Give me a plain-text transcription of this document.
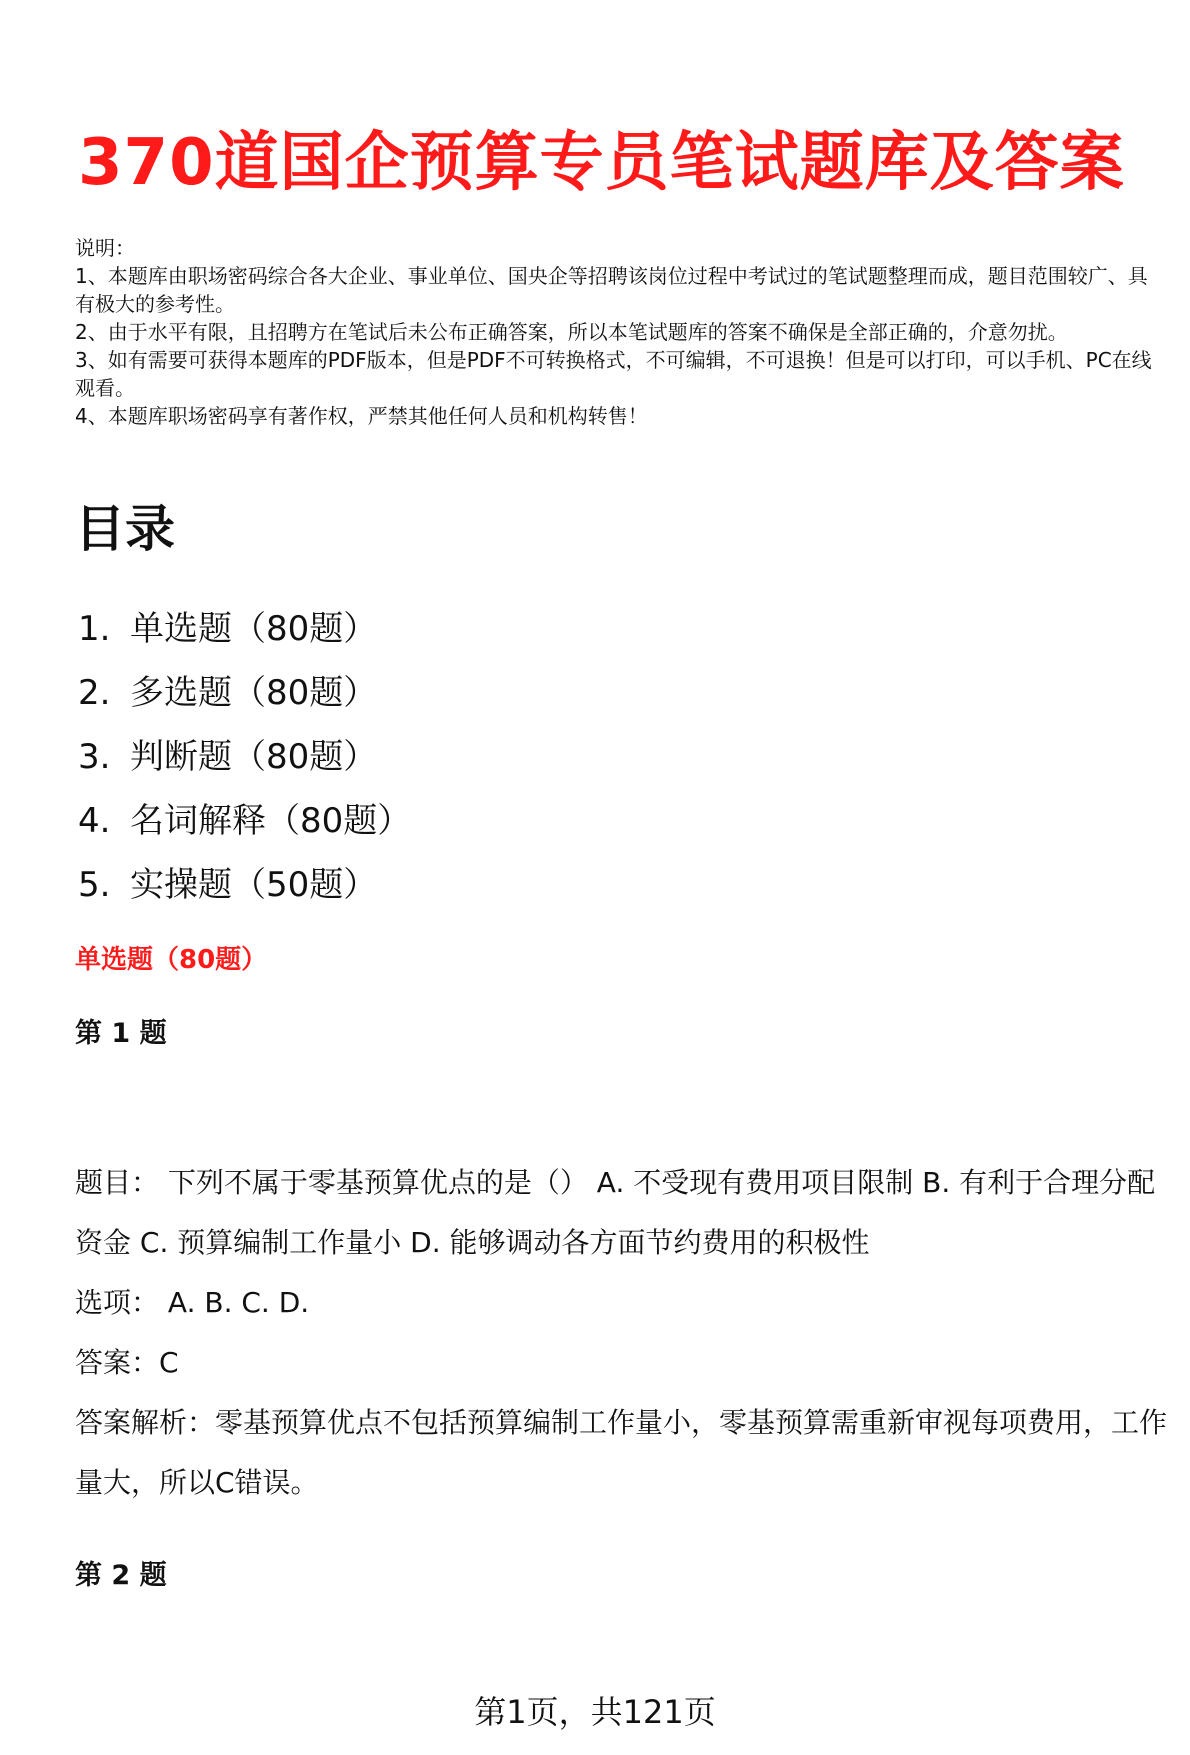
370道国企预算专员笔试题库及答案

说明：

1、本题库由职场密码综合各大企业、事业单位、国央企等招聘该岗位过程中考试过的笔试题整理而成，题目范围较广、具有极大的参考性。

2、由于水平有限，且招聘方在笔试后未公布正确答案，所以本笔试题库的答案不确保是全部正确的，介意勿扰。

3、如有需要可获得本题库的PDF版本，但是PDF不可转换格式，不可编辑，不可退换！但是可以打印，可以手机、PC在线观看。

4、本题库职场密码享有著作权，严禁其他任何人员和机构转售！

目录
1. 单选题（80题）
2. 多选题（80题）
3. 判断题（80题）
4. 名词解释（80题）
5. 实操题（50题）
单选题（80题）
第 1 题

题目： 下列不属于零基预算优点的是（） A. 不受现有费用项目限制 B. 有利于合理分配资金 C. 预算编制工作量小 D. 能够调动各方面节约费用的积极性

选项： A. B. C. D.

答案：C

答案解析：零基预算优点不包括预算编制工作量小，零基预算需重新审视每项费用，工作量大，所以C错误。

第 2 题
第1页，共121页
